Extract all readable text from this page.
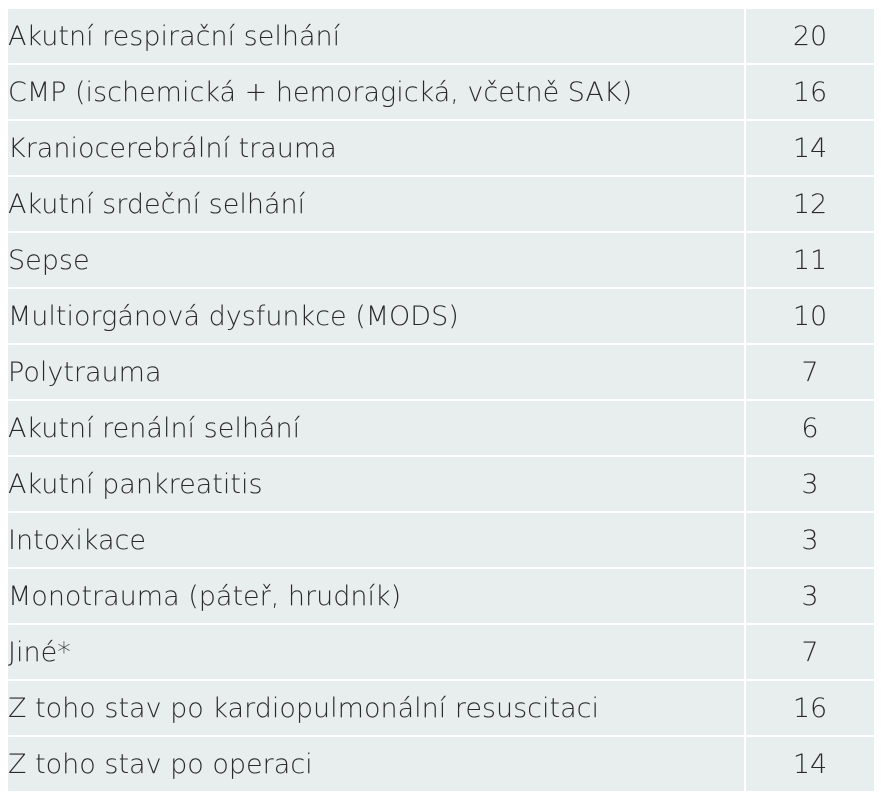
Akutní respirační selhání	20
CMP (ischemická + hemoragická, včetně SAK)	16
Kraniocerebrální trauma	14
Akutní srdeční selhání	12
Sepse	11
Multiorgánová dysfunkce (MODS)	10
Polytrauma	7
Akutní renální selhání	6
Akutní pankreatitis	3
Intoxikace	3
Monotrauma (páteř, hrudník)	3
Jiné*	7
Z toho stav po kardiopulmonální resuscitaci	16
Z toho stav po operaci	14
